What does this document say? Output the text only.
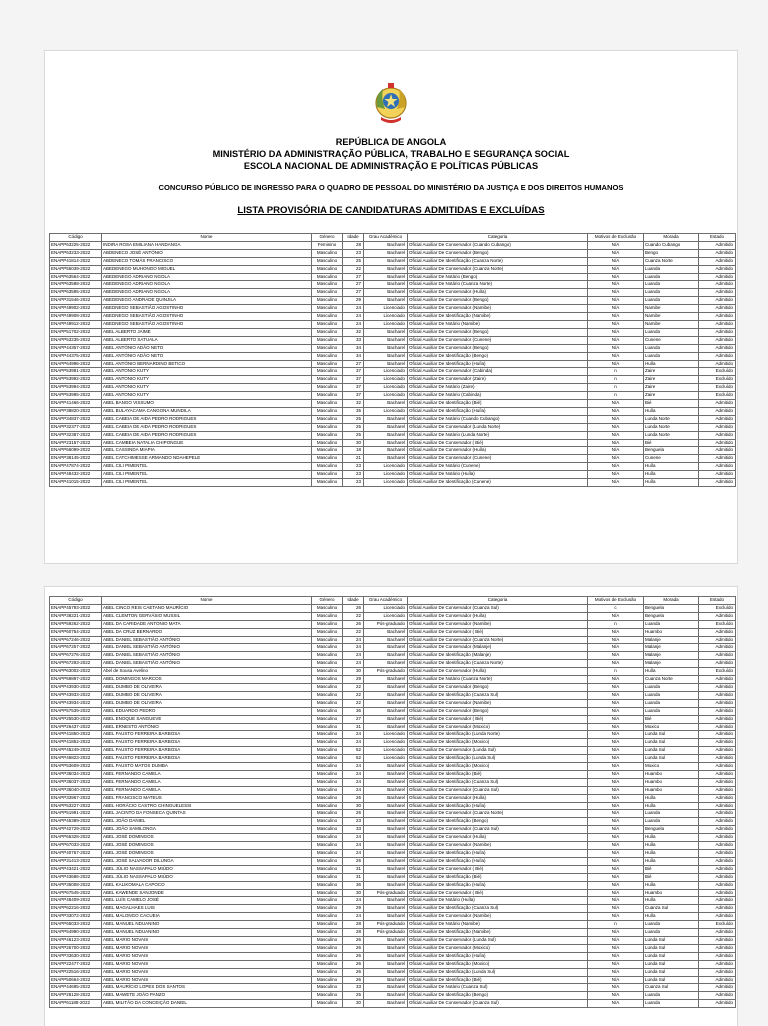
REPÚBLICA DE ANGOLA
MINISTÉRIO DA ADMINISTRAÇÃO PÚBLICA, TRABALHO E SEGURANÇA SOCIAL
ESCOLA NACIONAL DE ADMINISTRAÇÃO E POLÍTICAS PÚBLICAS
CONCURSO PÚBLICO DE INGRESSO PARA O QUADRO DE PESSOAL DO MINISTÉRIO DA JUSTIÇA E DOS DIREITOS HUMANOS
LISTA PROVISÓRIA DE CANDIDATURAS ADMITIDAS E EXCLUÍDAS
Código	Nome	Género	Idade	Grau Académico	Categoria	Motivos de Exclusão	Morada	Estado
ENAPP63225-2022	INDIRA ROSA EMILIANA HANDANGA	Feminino	28	Bacharel	Oficial Auxiliar De Conservador (Cuando Cubango)	N/A	Cuando Cubango	Admitido
ENAPP63233-2022	ABDENECO JOSÉ ANTÓNIO	Masculino	23	Bacharel	Oficial Auxiliar De Conservador (Bengo)	N/A	Bengo	Admitido
ENAPP41814-2022	ABDENECO TOMÁS FRANCISCO	Masculino	25	Bacharel	Oficial Auxiliar De Identificação (Cuanza Norte)	N/A	Cuanza Norte	Admitido
ENAPP55039-2022	ABEDENEGO MUHONGO MIGUEL	Masculino	22	Bacharel	Oficial Auxiliar De Conservador (Cuanza Norte)	N/A	Luanda	Admitido
ENAPP63564-2022	ABEDENEGO ADRIANO NGOLA	Masculino	27	Bacharel	Oficial Auxiliar De Notário (Bengo)	N/A	Luanda	Admitido
ENAPP63588-2022	ABEDENEGO ADRIANO NGOLA	Masculino	27	Bacharel	Oficial Auxiliar De Notário (Cuanza Norte)	N/A	Luanda	Admitido
ENAPP63595-2022	ABEDENEGO ADRIANO NGOLA	Masculino	27	Bacharel	Oficial Auxiliar De Conservador (Huíla)	N/A	Luanda	Admitido
ENAPP31546-2022	ABEDENEGO ANDRADE QUINJILA	Masculino	29	Bacharel	Oficial Auxiliar De Conservador (Bengo)	N/A	Luanda	Admitido
ENAPP49902-2022	ABEDNEGO SEBASTIÃO AGOSTINHO	Masculino	24	Licenciado	Oficial Auxiliar De Conservador (Namibe)	N/A	Namibe	Admitido
ENAPP49908-2022	ABEDNEGO SEBASTIÃO AGOSTINHO	Masculino	24	Licenciado	Oficial Auxiliar De Identificação (Namibe)	N/A	Namibe	Admitido
ENAPP49912-2022	ABEDNEGO SEBASTIÃO AGOSTINHO	Masculino	24	Licenciado	Oficial Auxiliar De Notário (Namibe)	N/A	Namibe	Admitido
ENAPP51702-2022	ABEL ALBERTO JAIME	Masculino	32	Bacharel	Oficial Auxiliar De Conservador (Bengo)	N/A	Luanda	Admitido
ENAPP53235-2022	ABEL ALBERTO SATUALA	Masculino	33	Bacharel	Oficial Auxiliar De Conservador (Cunene)	N/A	Cunene	Admitido
ENAPP44357-2022	ABEL ANTÓNIO ADÃO NETO	Masculino	34	Bacharel	Oficial Auxiliar De Conservador (Bengo)	N/A	Luanda	Admitido
ENAPP44375-2022	ABEL ANTÓNIO ADÃO NETO	Masculino	34	Bacharel	Oficial Auxiliar De Identificação (Bengo)	N/A	Luanda	Admitido
ENAPP64996-2022	ABEL ANTÓNIO BERNARDINO BETICO	Masculino	27	Bacharel	Oficial Auxiliar De Identificação (Huíla)	N/A	Huíla	Admitido
ENAPP53991-2022	ABEL ANTONIO KUTY	Masculino	37	Licenciado	Oficial Auxiliar De Conservador (Cabinda)	n	Zaire	Excluído
ENAPP53992-2022	ABEL ANTONIO KUTY	Masculino	37	Licenciado	Oficial Auxiliar De Conservador (Zaire)	n	Zaire	Excluído
ENAPP53994-2022	ABEL ANTONIO KUTY	Masculino	37	Licenciado	Oficial Auxiliar De Notário (Zaire)	n	Zaire	Excluído
ENAPP53995-2022	ABEL ANTONIO KUTY	Masculino	37	Licenciado	Oficial Auxiliar De Notário (Cabinda)	n	Zaire	Excluído
ENAPP41466-2022	ABEL BANGO VISSUMO	Masculino	32	Bacharel	Oficial Auxiliar De Identificação (Bié)	N/A	Bié	Admitido
ENAPP38820-2022	ABEL BULAYACAMA CANGONA MUNDILA	Masculino	35	Licenciado	Oficial Auxiliar De Identificação (Huíla)	N/A	Huíla	Admitido
ENAPP34837-2022	ABEL CABEIA DE AIDA PEDRO RODRIGUES	Masculino	25	Bacharel	Oficial Auxiliar De Notário (Cuando Cubango)	N/A	Lunda Norte	Admitido
ENAPP32377-2022	ABEL CABEIA DE AIDA PEDRO RODRIGUES	Masculino	25	Bacharel	Oficial Auxiliar De Conservador (Lunda Norte)	N/A	Lunda Norte	Admitido
ENAPP32387-2022	ABEL CABEIA DE AIDA PEDRO RODRIGUES	Masculino	25	Bacharel	Oficial Auxiliar De Notário (Lunda Norte)	N/A	Lunda Norte	Admitido
ENAPP23157-2022	ABEL CAMBEIA NATALIA CHIPONGUE	Masculino	30	Bacharel	Oficial Auxiliar De Conservador ( Bié)	N/A	Bié	Admitido
ENAPP66099-2022	ABEL CASSINDA MIAPIA	Masculino	18	Bacharel	Oficial Auxiliar De Conservador (Huíla)	N/A	Benguela	Admitido
ENAPP38145-2022	ABEL CATCHIMESSE ARMANDO NDAHEPELE	Masculino	21	Bacharel	Oficial Auxiliar De Conservador (Cunene)	N/A	Cunene	Admitido
ENAPP47874-2022	ABEL CILI PIMENTEL	Masculino	23	Licenciado	Oficial Auxiliar De Notário (Cunene)	N/A	Huíla	Admitido
ENAPP48432-2022	ABEL CILI PIMENTEL	Masculino	23	Licenciado	Oficial Auxiliar De Notário (Huíla)	N/A	Huíla	Admitido
ENAPP41015-2022	ABEL CILI PIMENTEL	Masculino	23	Licenciado	Oficial Auxiliar De Identificação (Cunene)	N/A	Huíla	Admitido
Código	Nome	Género	Idade	Grau Académico	Categoria	Motivos de Exclusão	Morada	Estado
ENAPP45793-2022	ABEL CINCO REIS CAETANO MAURÍCIO	Masculino	26	Licenciado	Oficial Auxiliar De Conservador (Cuanza Sul)	c	Benguela	Excluído
ENAPP38221-2022	ABEL CLEMTON GERVÁSIO MUSSIL	Masculino	22	Licenciado	Oficial Auxiliar De Conservador (Huíla)	N/A	Benguela	Admitido
ENAPP59262-2022	ABEL DA CARIDADE ANTONIO MATA	Masculino	26	Pós-graduado	Oficial Auxiliar De Conservador (Namibe)	n	Luanda	Excluído
ENAPP60754-2022	ABEL DA CRUZ BERNARDO	Masculino	22	Bacharel	Oficial Auxiliar De Conservador ( Bié)	N/A	Huambo	Admitido
ENAPP67246-2022	ABEL DANIEL SEBASTIÃO ANTÓNIO	Masculino	24	Bacharel	Oficial Auxiliar De Conservador (Cuanza Norte)	N/A	Malanje	Admitido
ENAPP67257-2022	ABEL DANIEL SEBASTIÃO ANTÓNIO	Masculino	24	Bacharel	Oficial Auxiliar De Conservador (Malanje)	N/A	Malanje	Admitido
ENAPP67276-2022	ABEL DANIEL SEBASTIÃO ANTÓNIO	Masculino	24	Bacharel	Oficial Auxiliar De Identificação (Malanje)	N/A	Malanje	Admitido
ENAPP67293-2022	ABEL DANIEL SEBASTIÃO ANTÓNIO	Masculino	24	Bacharel	Oficial Auxiliar De Identificação (Cuanza Norte)	N/A	Malanje	Admitido
ENAPP63002-2022	Abel de Sousa Avelino	Masculino	30	Pós-graduado	Oficial Auxiliar De Conservador (Huíla)	n	Huíla	Excluído
ENAPP59897-2022	ABEL DOMINGOS MARCOS	Masculino	29	Bacharel	Oficial Auxiliar De Notário (Cuanza Norte)	N/A	Cuanza Norte	Admitido
ENAPP43930-2022	ABEL DUMBO DE OLIVEIRA	Masculino	22	Bacharel	Oficial Auxiliar De Conservador (Bengo)	N/A	Luanda	Admitido
ENAPP43933-2022	ABEL DUMBO DE OLIVEIRA	Masculino	22	Bacharel	Oficial Auxiliar De Identificação (Cuanza Sul)	N/A	Luanda	Admitido
ENAPP43934-2022	ABEL DUMBO DE OLIVEIRA	Masculino	22	Bacharel	Oficial Auxiliar De Conservador (Namibe)	N/A	Luanda	Admitido
ENAPP57539-2022	ABEL EDUARDO PEDRO	Masculino	36	Bacharel	Oficial Auxiliar De Conservador (Bengo)	N/A	Luanda	Admitido
ENAPP25530-2022	ABEL ENOQUE SANGUEVE	Masculino	27	Bacharel	Oficial Auxiliar De Conservador ( Bié)	N/A	Bié	Admitido
ENAPP26437-2022	ABEL ERNESTO ANTÓNIO	Masculino	31	Bacharel	Oficial Auxiliar De Conservador (Moxico)	N/A	Moxico	Admitido
ENAPP41850-2022	ABEL FAUSTO FERREIRA BARBOSA	Masculino	24	Licenciado	Oficial Auxiliar De Identificação (Lunda Norte)	N/A	Lunda Sul	Admitido
ENAPP41852-2022	ABEL FAUSTO FERREIRA BARBOSA	Masculino	24	Licenciado	Oficial Auxiliar De Identificação (Moxico)	N/A	Lunda Sul	Admitido
ENAPP45249-2022	ABEL FAUSTO FERREIRA BARBOSA	Masculino	52	Licenciado	Oficial Auxiliar De Conservador (Lunda Sul)	N/A	Lunda Sul	Admitido
ENAPP46823-2022	ABEL FAUSTO FERREIRA BARBOSA	Masculino	52	Licenciado	Oficial Auxiliar De Identificação (Lunda Sul)	N/A	Lunda Sul	Admitido
ENAPP53609-2022	ABEL FAUSTO MATOS DUMBA	Masculino	24	Bacharel	Oficial Auxiliar De Identificação (Moxico)	N/A	Moxico	Admitido
ENAPP36034-2022	ABEL FERNANDO CAMELA	Masculino	24	Bacharel	Oficial Auxiliar De Identificação (Bié)	N/A	Huambo	Admitido
ENAPP36037-2022	ABEL FERNANDO CAMELA	Masculino	24	Bacharel	Oficial Auxiliar De Identificação (Cuanza Sul)	N/A	Huambo	Admitido
ENAPP36040-2022	ABEL FERNANDO CAMELA	Masculino	24	Bacharel	Oficial Auxiliar De Conservador (Cuanza Sul)	N/A	Huambo	Admitido
ENAPP33967-2022	ABEL FRANCISCO MATEUS	Masculino	26	Bacharel	Oficial Auxiliar De Conservador (Huíla)	N/A	Huíla	Admitido
ENAPP53227-2022	ABEL HORÁCIO CASTRO CHINGUELESSI	Masculino	30	Bacharel	Oficial Auxiliar De Identificação (Huíla)	N/A	Huíla	Admitido
ENAPP51991-2022	ABEL JACINTO DA FONSECA QUINTAS	Masculino	26	Bacharel	Oficial Auxiliar De Conservador (Cuanza Norte)	N/A	Luanda	Admitido
ENAPP45389-2022	ABEL JOÃO DANIEL	Masculino	23	Bacharel	Oficial Auxiliar De Identificação (Bengo)	N/A	Luanda	Admitido
ENAPP42729-2022	ABEL JOÃO SAMILONGA	Masculino	33	Bacharel	Oficial Auxiliar De Conservador (Cuanza Sul)	N/A	Benguela	Admitido
ENAPP66328-2022	ABEL JOSÉ DOMINGOS	Masculino	24	Bacharel	Oficial Auxiliar De Conservador (Huíla)	N/A	Huíla	Admitido
ENAPP67033-2022	ABEL JOSÉ DOMINGOS	Masculino	24	Bacharel	Oficial Auxiliar De Conservador (Namibe)	N/A	Huíla	Admitido
ENAPP40767-2022	ABEL JOSÉ DOMINGOS	Masculino	24	Bacharel	Oficial Auxiliar De Identificação (Huíla)	N/A	Huíla	Admitido
ENAPP31413-2022	ABEL JOSÉ SALVADOR DILUNGA	Masculino	26	Bacharel	Oficial Auxiliar De Identificação (Huíla)	N/A	Huíla	Admitido
ENAPP43421-2022	ABEL JÚLIO NASSAPALO MIÚDO	Masculino	31	Bacharel	Oficial Auxiliar De Conservador ( Bié)	N/A	Bié	Admitido
ENAPP43686-2022	ABEL JÚLIO NASSAPALO MIÚDO	Masculino	31	Bacharel	Oficial Auxiliar De Identificação (Bié)	N/A	Bié	Admitido
ENAPP35008-2022	ABEL KALIKOMALA CAPOCO	Masculino	36	Bacharel	Oficial Auxiliar De Identificação (Huíla)	N/A	Huíla	Admitido
ENAPP67545-2022	ABEL KAWENDE SANJONDE	Masculino	30	Pós-graduado	Oficial Auxiliar De Conservador ( Bié)	N/A	Huambo	Admitido
ENAPP48409-2022	ABEL LUÍS CAMELO JOSÉ	Masculino	24	Bacharel	Oficial Auxiliar De Notário (Huíla)	N/A	Huíla	Admitido
ENAPP62216-2022	ABEL MAGALHAES LUIS	Masculino	29	Bacharel	Oficial Auxiliar De Identificação (Cuanza Sul)	N/A	Cuanza Sul	Admitido
ENAPP33072-2022	ABEL MALONGO CACUEIA	Masculino	24	Bacharel	Oficial Auxiliar De Conservador (Namibe)	N/A	Huíla	Admitido
ENAPP65033-2022	ABEL MANUEL NDUANINO	Masculino	28	Pós-graduado	Oficial Auxiliar De Notário (Namibe)	n	Luanda	Excluído
ENAPP54990-2022	ABEL MANUEL NDUANINO	Masculino	28	Pós-graduado	Oficial Auxiliar De Identificação (Namibe)	N/A	Luanda	Admitido
ENAPP46123-2022	ABEL MARIO NOVAIS	Masculino	26	Bacharel	Oficial Auxiliar De Conservador (Lunda Sul)	N/A	Lunda Sul	Admitido
ENAPP26700-2022	ABEL MARIO NOVAIS	Masculino	26	Bacharel	Oficial Auxiliar De Conservador (Moxico)	N/A	Lunda Sul	Admitido
ENAPP33630-2022	ABEL MARIO NOVAIS	Masculino	26	Bacharel	Oficial Auxiliar De Identificação (Huíla)	N/A	Lunda Sul	Admitido
ENAPP22477-2022	ABEL MARIO NOVAIS	Masculino	26	Bacharel	Oficial Auxiliar De Identificação (Moxico)	N/A	Lunda Sul	Admitido
ENAPP22516-2022	ABEL MARIO NOVAIS	Masculino	26	Bacharel	Oficial Auxiliar De Identificação (Lunda Sul)	N/A	Lunda Sul	Admitido
ENAPP50664-2022	ABEL MARIO NOVAIS	Masculino	26	Bacharel	Oficial Auxiliar De Identificação (Bié)	N/A	Lunda Sul	Admitido
ENAPP44695-2022	ABEL MAURÍCIO LOPES DOS SANTOS	Masculino	33	Bacharel	Oficial Auxiliar De Notário (Cuanza Sul)	N/A	Cuanza Sul	Admitido
ENAPP28128-2022	ABEL MAWETE JOÃO PANZO	Masculino	25	Bacharel	Oficial Auxiliar De Identificação (Bengo)	N/A	Luanda	Admitido
ENAPP61188-2022	ABEL MILITÃO DA CONCEIÇÃO DANIEL	Masculino	30	Bacharel	Oficial Auxiliar De Conservador (Cuanza Sul)	N/A	Luanda	Admitido
